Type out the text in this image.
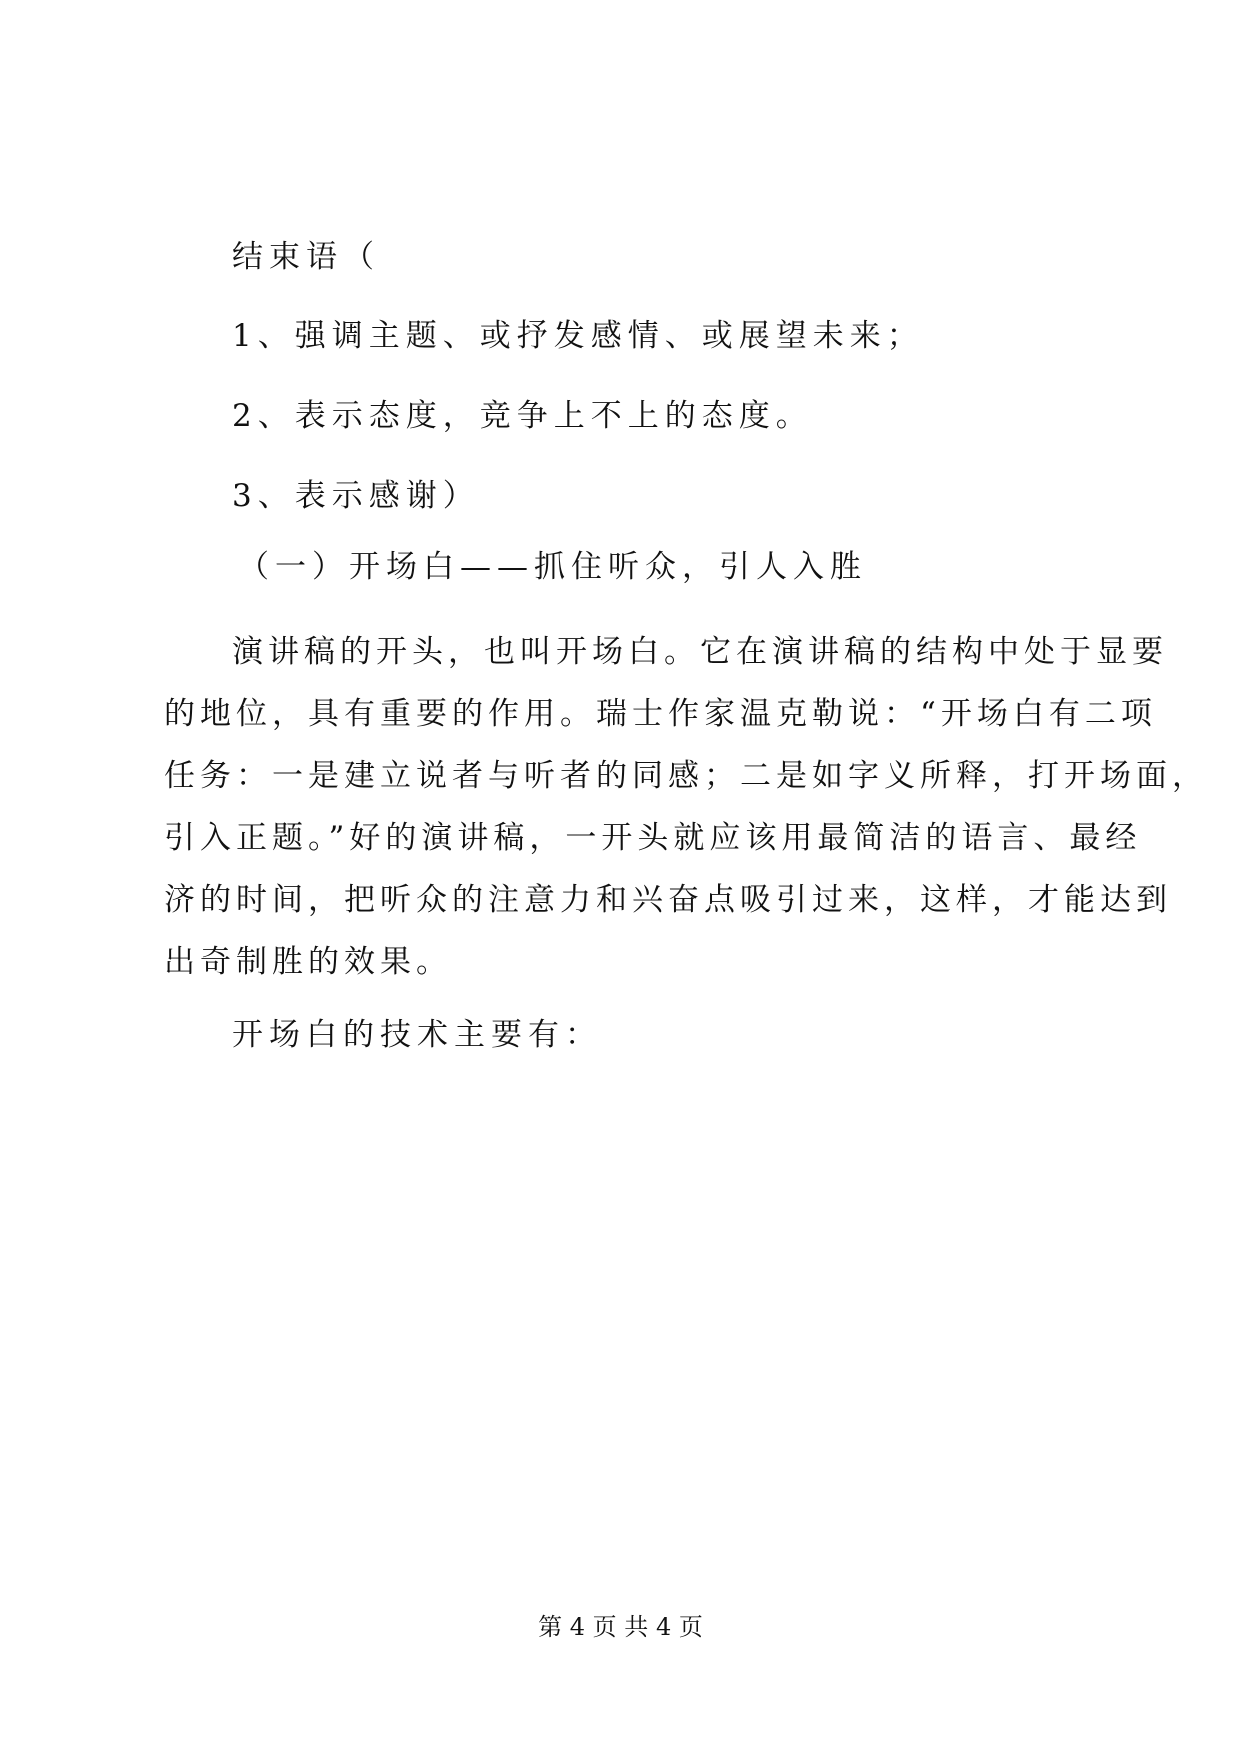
结束语（
1、强调主题、或抒发感情、或展望未来；
2、表示态度，竞争上不上的态度。
3、表示感谢）
（一）开场白——抓住听众，引人入胜
演讲稿的开头，也叫开场白。它在演讲稿的结构中处于显要
的地位，具有重要的作用。瑞士作家温克勒说：“开场白有二项
任务：一是建立说者与听者的同感；二是如字义所释，打开场面，
引入正题。”好的演讲稿，一开头就应该用最简洁的语言、最经
济的时间，把听众的注意力和兴奋点吸引过来，这样，才能达到
出奇制胜的效果。
开场白的技术主要有：
第 4 页 共 4 页
